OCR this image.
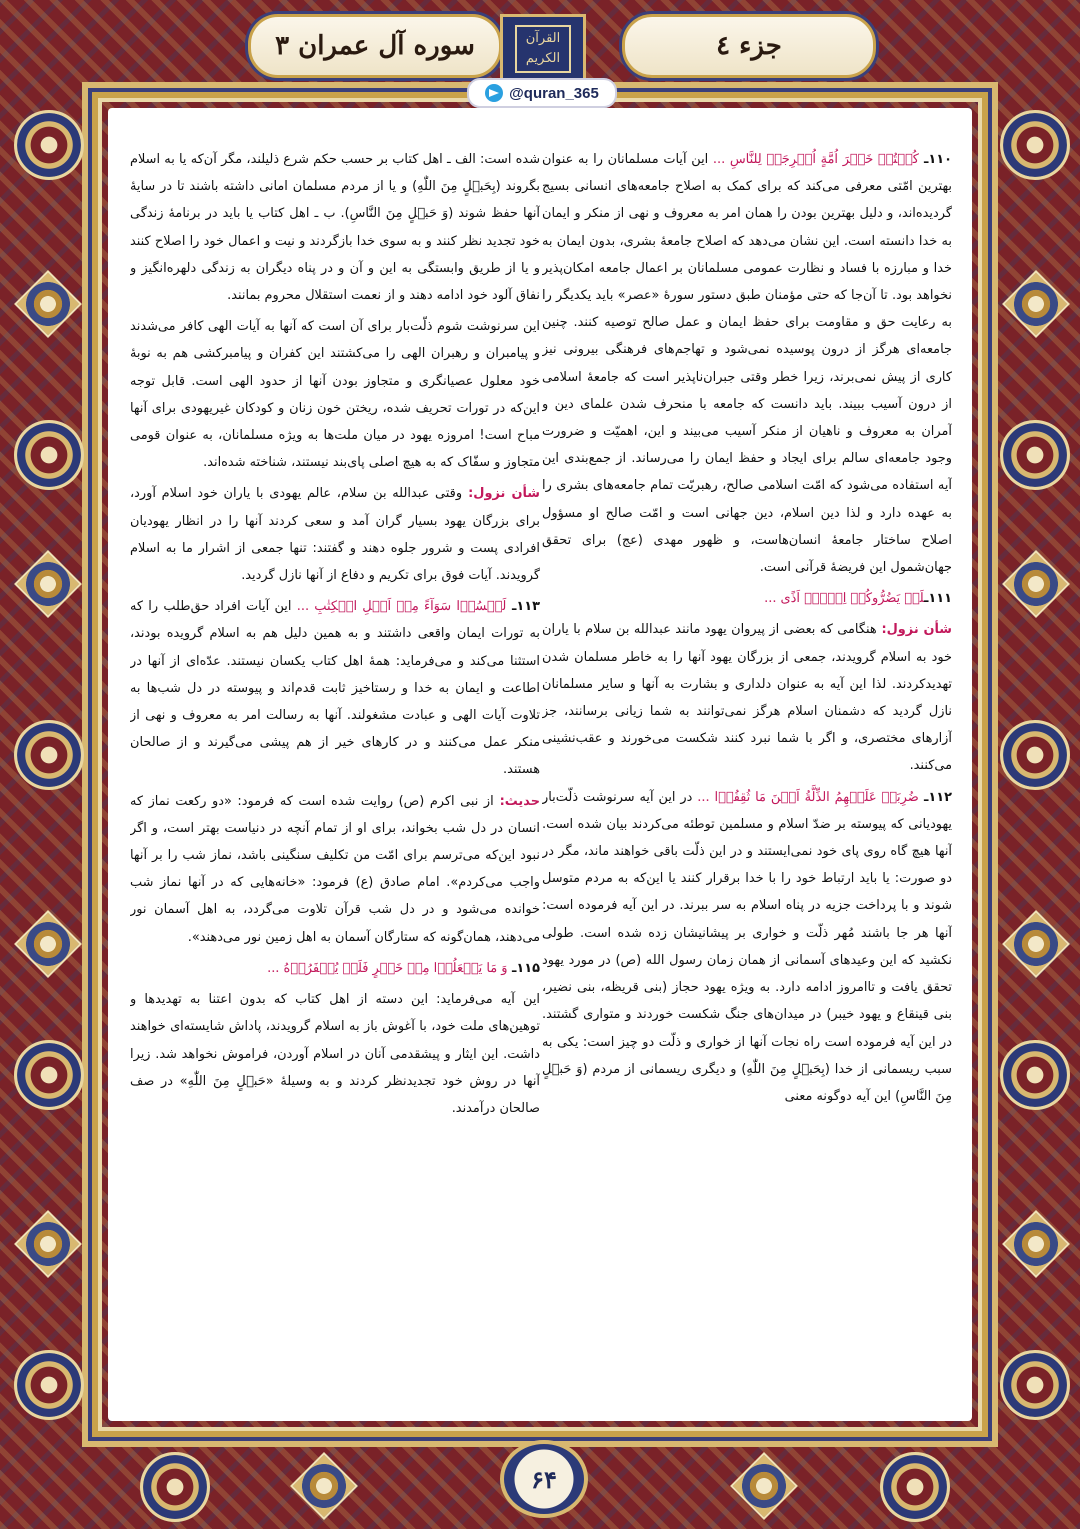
سوره آل عمران ٣	القرآن الكريم	جزء ٤
@quran_365

۱۱۰ـ کُنۡتُمۡ خَیۡرَ اُمَّةٍ اُخۡرِجَتۡ لِلنَّاسِ ... این آیات مسلمانان را به عنوان بهترین امّتی معرفی می‌کند که برای کمک به اصلاح جامعه‌های انسانی بسیج گردیده‌اند، و دلیل بهترین بودن را همان امر به معروف و نهی از منکر و ایمان به خدا دانسته است. این نشان می‌دهد که اصلاح جامعهٔ بشری، بدون ایمان به خدا و مبارزه با فساد و نظارت عمومی مسلمانان بر اعمال جامعه امکان‌پذیر نخواهد بود. تا آن‌جا که حتی مؤمنان طبق دستور سورهٔ «عصر» باید یکدیگر را به رعایت حق و مقاومت برای حفظ ایمان و عمل صالح توصیه کنند. چنین جامعه‌ای هرگز از درون پوسیده نمی‌شود و تهاجم‌های فرهنگی بیرونی نیز کاری از پیش نمی‌برند، زیرا خطر وقتی جبران‌ناپذیر است که جامعهٔ اسلامی از درون آسیب ببیند. باید دانست که جامعه با منحرف شدن علمای دین و آمران به معروف و ناهیان از منکر آسیب می‌بیند و این، اهمیّت و ضرورت وجود جامعه‌ای سالم برای ایجاد و حفظ ایمان را می‌رساند. از جمع‌بندی این آیه استفاده می‌شود که امّت اسلامی صالح، رهبریّت تمام جامعه‌های بشری را به عهده دارد و لذا دین اسلام، دین جهانی است و امّت صالح او مسؤول اصلاح ساختار جامعهٔ انسان‌هاست، و ظهور مهدی (عج) برای تحقق جهان‌شمول این فریضهٔ قرآنی است.

۱۱۱ـلَنۡ یَضُرُّوکُمۡ اِلَّاۤ اَذًی ...

شأن نزول: هنگامی که بعضی از پیروان یهود مانند عبدالله بن سلام با یاران خود به اسلام گرویدند، جمعی از بزرگان یهود آنها را به خاطر مسلمان شدن تهدیدکردند. لذا این آیه به عنوان دلداری و بشارت به آنها و سایر مسلمانان نازل گردید که دشمنان اسلام هرگز نمی‌توانند به شما زیانی برسانند، جز آزارهای مختصری، و اگر با شما نبرد کنند شکست می‌خورند و عقب‌نشینی می‌کنند.

۱۱۲ـ ضُرِبَتۡ عَلَیۡهِمُ الذِّلَّةُ اَیۡنَ مَا ثُقِفُوۤا ... در این آیه سرنوشت ذلّت‌بار یهودیانی که پیوسته بر ضدّ اسلام و مسلمین توطئه می‌کردند بیان شده است. آنها هیچ گاه روی پای خود نمی‌ایستند و در این ذلّت باقی خواهند ماند، مگر در دو صورت: یا باید ارتباط خود را با خدا برقرار کنند یا این‌که به مردم متوسل شوند و با پرداخت جزیه در پناه اسلام به سر ببرند. در این آیه فرموده است: آنها هر جا باشند مُهر ذلّت و خواری بر پیشانیشان زده شده است. طولی نکشید که این وعیدهای آسمانی از همان زمان رسول الله (ص) در مورد یهود تحقق یافت و تاامروز ادامه دارد. به ویژه یهود حجاز (بنی قریظه، بنی نضیر، بنی قینقاع و یهود خیبر) در میدان‌های جنگ شکست خوردند و متواری گشتند. در این آیه فرموده است راه نجات آنها از خواری و ذلّت دو چیز است: یکی به سبب ریسمانی از خدا (بِحَبۡلٍ مِنَ اللّٰهِ) و دیگری ریسمانی از مردم (وَ حَبۡلٍ مِنَ النَّاسِ) این آیه دوگونه معنی

شده است: الف ـ اهل کتاب بر حسب حکم شرع ذلیلند، مگر آن‌که یا به اسلام بگروند (بِحَبۡلٍ مِنَ اللّٰهِ) و یا از مردم مسلمان امانی داشته باشند تا در سایهٔ آنها حفظ شوند (وَ حَبۡلٍ مِنَ النَّاسِ). ب ـ اهل کتاب یا باید در برنامهٔ زندگی خود تجدید نظر کنند و به سوی خدا بازگردند و نیت و اعمال خود را اصلاح کنند و یا از طریق وابستگی به این و آن و در پناه دیگران به زندگی دلهره‌انگیز و نفاق آلود خود ادامه دهند و از نعمت استقلال محروم بمانند.

این سرنوشت شوم ذلّت‌بار برای آن است که آنها به آیات الهی کافر می‌شدند و پیامبران و رهبران الهی را می‌کشتند این کفران و پیامبرکشی هم به نوبهٔ خود معلول عصیانگری و متجاوز بودن آنها از حدود الهی است. قابل توجه این‌که در تورات تحریف شده، ریختن خون زنان و کودکان غیریهودی برای آنها مباح است! امروزه یهود در میان ملت‌ها به ویژه مسلمانان، به عنوان قومی متجاوز و سفّاک که به هیچ اصلی پای‌بند نیستند، شناخته شده‌اند.

شأن نزول: وقتی عبدالله بن سلام، عالم یهودی با یاران خود اسلام آورد، برای بزرگان یهود بسیار گران آمد و سعی کردند آنها را در انظار یهودیان افرادی پست و شرور جلوه دهند و گفتند: تنها جمعی از اشرار ما به اسلام گرویدند. آیات فوق برای تکریم و دفاع از آنها نازل گردید.

۱۱۳ـ لَیۡسُوۡا سَوَآءً مِنۡ اَهۡلِ الۡکِتٰبِ ... این آیات افراد حق‌طلب را که به تورات ایمان واقعی داشتند و به همین دلیل هم به اسلام گرویده بودند، استثنا می‌کند و می‌فرماید: همهٔ اهل کتاب یکسان نیستند. عدّه‌ای از آنها در اطاعت و ایمان به خدا و رستاخیز ثابت قدم‌اند و پیوسته در دل شب‌ها به تلاوت آیات الهی و عبادت مشغولند. آنها به رسالت امر به معروف و نهی از منکر عمل می‌کنند و در کارهای خیر از هم پیشی می‌گیرند و از صالحان هستند.

حدیث: از نبی اکرم (ص) روایت شده است که فرمود: «دو رکعت نماز که انسان در دل شب بخواند، برای او از تمام آنچه در دنیاست بهتر است، و اگر نبود این‌که می‌ترسم برای امّت من تکلیف سنگینی باشد، نماز شب را بر آنها واجب می‌کردم». امام صادق (ع) فرمود: «خانه‌هایی که در آنها نماز شب خوانده می‌شود و در دل شب قرآن تلاوت می‌گردد، به اهل آسمان نور می‌دهند، همان‌گونه که ستارگان آسمان به اهل زمین نور می‌دهند».

۱۱۵ـ وَ مَا یَفۡعَلُوۡا مِنۡ خَیۡرٍ فَلَنۡ یُکۡفَرُوۡهُ ...

این آیه می‌فرماید: این دسته از اهل کتاب که بدون اعتنا به تهدیدها و توهین‌های ملت خود، با آغوش باز به اسلام گرویدند، پاداش شایسته‌ای خواهند داشت. این ایثار و پیشقدمی آنان در اسلام آوردن، فراموش نخواهد شد. زیرا آنها در روش خود تجدیدنظر کردند و به وسیلهٔ «حَبۡلٍ مِنَ اللّٰهِ» در صف صالحان درآمدند.

۶۴
